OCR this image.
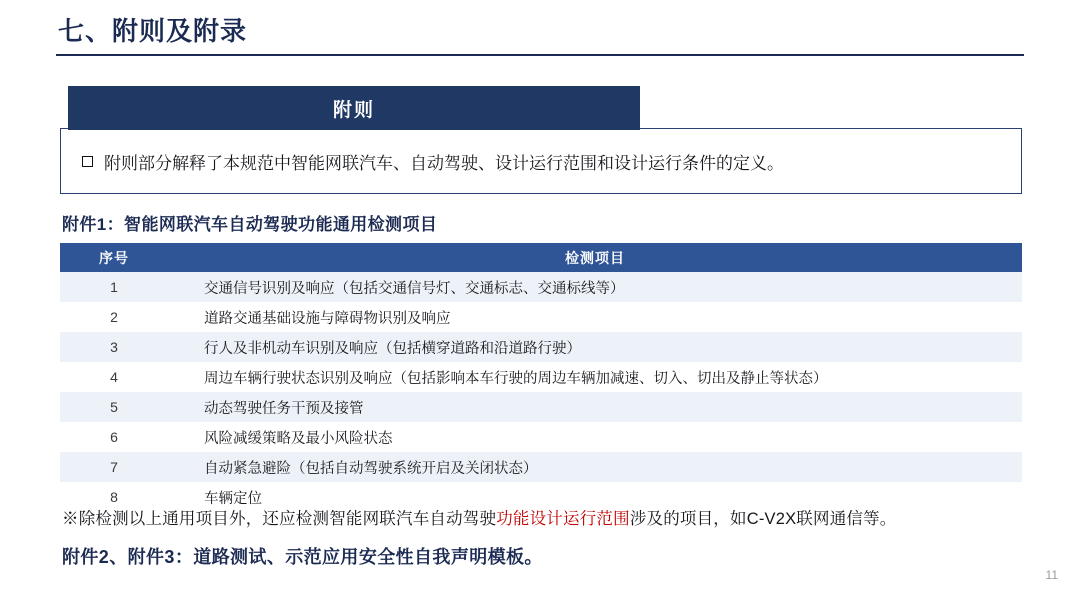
七、附则及附录
附则
附则部分解释了本规范中智能网联汽车、自动驾驶、设计运行范围和设计运行条件的定义。
附件1：智能网联汽车自动驾驶功能通用检测项目
序号	检测项目
1	交通信号识别及响应（包括交通信号灯、交通标志、交通标线等）
2	道路交通基础设施与障碍物识别及响应
3	行人及非机动车识别及响应（包括横穿道路和沿道路行驶）
4	周边车辆行驶状态识别及响应（包括影响本车行驶的周边车辆加减速、切入、切出及静止等状态）
5	动态驾驶任务干预及接管
6	风险减缓策略及最小风险状态
7	自动紧急避险（包括自动驾驶系统开启及关闭状态）
8	车辆定位
※除检测以上通用项目外，还应检测智能网联汽车自动驾驶功能设计运行范围涉及的项目，如C-V2X联网通信等。
附件2、附件3：道路测试、示范应用安全性自我声明模板。
11
